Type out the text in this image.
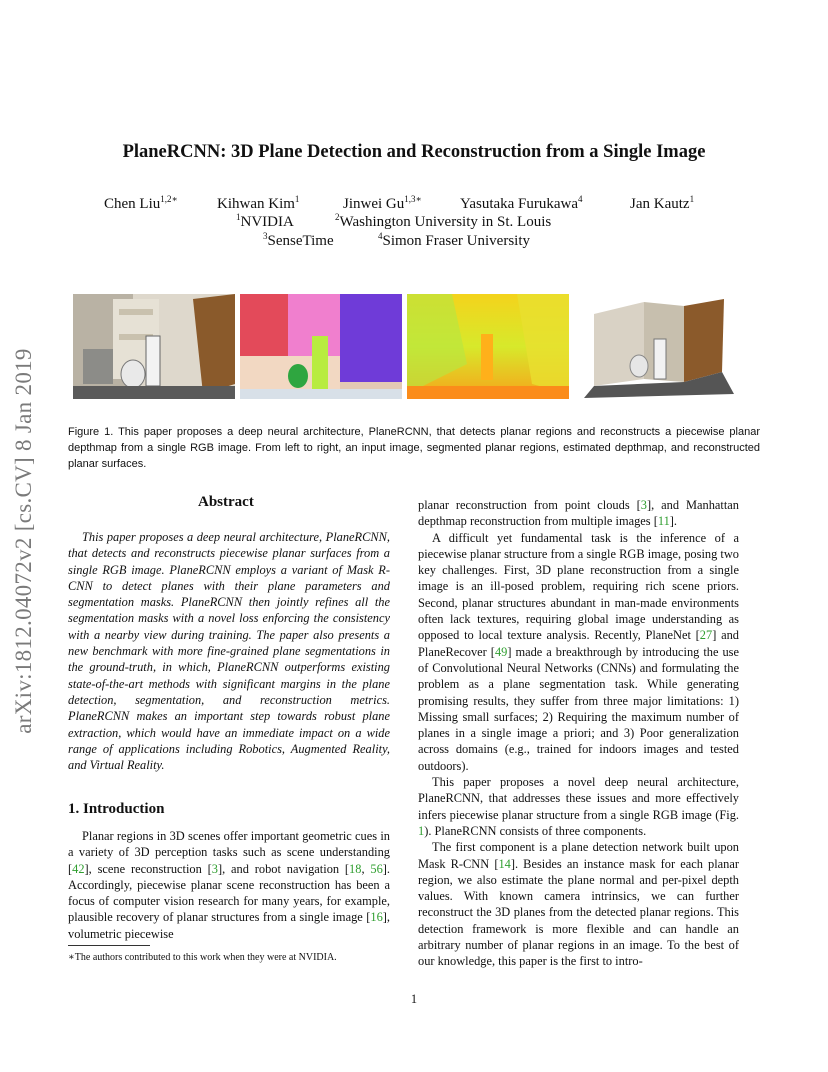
arXiv:1812.04072v2 [cs.CV] 8 Jan 2019
PlaneRCNN: 3D Plane Detection and Reconstruction from a Single Image
Chen Liu$^{1,2∗}$	Kihwan Kim$^1$	Jinwei $Gu^{1,3∗}$	Yasutaka Furukawa$^4$	Jan Kautz$^1$
$^1$NVIDIA	$^2$Washington University in St. Louis
$^3$SenseTime	$^4$Simon Fraser University
Figure 1. This paper proposes a deep neural architecture, PlaneRCNN, that detects planar regions and reconstructs a piecewise planar depthmap from a single RGB image. From left to right, an input image, segmented planar regions, estimated depthmap, and reconstructed planar surfaces.
Abstract

This paper proposes a deep neural architecture, PlaneRCNN, that detects and reconstructs piecewise planar surfaces from a single RGB image. PlaneRCNN employs a variant of Mask R-CNN to detect planes with their plane parameters and segmentation masks. PlaneRCNN then jointly refines all the segmentation masks with a novel loss enforcing the consistency with a nearby view during training. The paper also presents a new benchmark with more fine-grained plane segmentations in the ground-truth, in which, PlaneRCNN outperforms existing state-of-the-art methods with significant margins in the plane detection, segmentation, and reconstruction metrics. PlaneRCNN makes an important step towards robust plane extraction, which would have an immediate impact on a wide range of applications including Robotics, Augmented Reality, and Virtual Reality.

1. Introduction

Planar regions in 3D scenes offer important geometric cues in a variety of 3D perception tasks such as scene understanding [42], scene reconstruction [3], and robot navigation [18, 56]. Accordingly, piecewise planar scene reconstruction has been a focus of computer vision research for many years, for example, plausible recovery of planar structures from a single image [16], volumetric piecewise

∗The authors contributed to this work when they were at NVIDIA.

planar reconstruction from point clouds [3], and Manhattan depthmap reconstruction from multiple images [11].

A difficult yet fundamental task is the inference of a piecewise planar structure from a single RGB image, posing two key challenges. First, 3D plane reconstruction from a single image is an ill-posed problem, requiring rich scene priors. Second, planar structures abundant in man-made environments often lack textures, requiring global image understanding as opposed to local texture analysis. Recently, PlaneNet [27] and PlaneRecover [49] made a breakthrough by introducing the use of Convolutional Neural Networks (CNNs) and formulating the problem as a plane segmentation task. While generating promising results, they suffer from three major limitations: 1) Missing small surfaces; 2) Requiring the maximum number of planes in a single image a priori; and 3) Poor generalization across domains (e.g., trained for indoors images and tested outdoors).

This paper proposes a novel deep neural architecture, PlaneRCNN, that addresses these issues and more effectively infers piecewise planar structure from a single RGB image (Fig. 1). PlaneRCNN consists of three components.

The first component is a plane detection network built upon Mask R-CNN [14]. Besides an instance mask for each planar region, we also estimate the plane normal and per-pixel depth values. With known camera intrinsics, we can further reconstruct the 3D planes from the detected planar regions. This detection framework is more flexible and can handle an arbitrary number of planar regions in an image. To the best of our knowledge, this paper is the first to intro-

1
